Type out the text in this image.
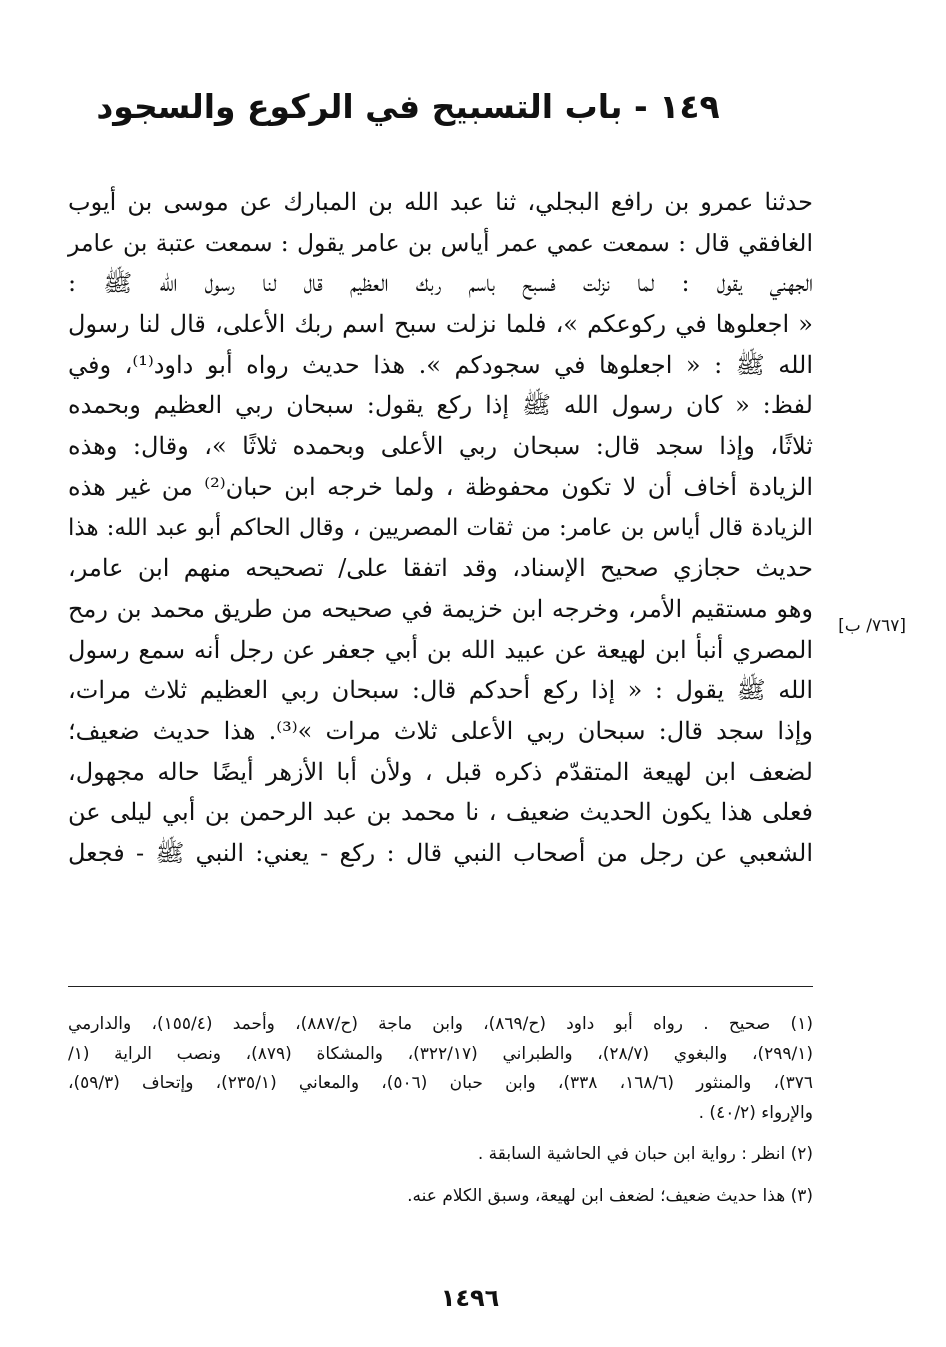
١٤٩ - باب التسبيح في الركوع والسجود
[٧٦٧/ ب]
حدثنا عمرو بن رافع البجلي، ثنا عبد الله بن المبارك عن موسى بن أيوب
الغافقي قال : سمعت عمي عمر أياس بن عامر يقول : سمعت عتبة بن عامر
الجهني يقول : لما نزلت فسبح باسم ربك العظيم قال لنا رسول الله ﷺ :
« اجعلوها في ركوعكم »، فلما نزلت سبح اسم ربك الأعلى، قال لنا رسول
الله ﷺ : « اجعلوها في سجودكم ». هذا حديث رواه أبو داود⁽¹⁾، وفي
لفظ: « كان رسول الله ﷺ إذا ركع يقول: سبحان ربي العظيم وبحمده
ثلاثًا، وإذا سجد قال: سبحان ربي الأعلى وبحمده ثلاثًا »، وقال: وهذه
الزيادة أخاف أن لا تكون محفوظة ، ولما خرجه ابن حبان⁽²⁾ من غير هذه
الزيادة قال أياس بن عامر: من ثقات المصريين ، وقال الحاكم أبو عبد الله: هذا
حديث حجازي صحيح الإسناد، وقد اتفقا على/ تصحيحه منهم ابن عامر،
وهو مستقيم الأمر، وخرجه ابن خزيمة في صحيحه من طريق محمد بن رمح
المصري أنبأ ابن لهيعة عن عبيد الله بن أبي جعفر عن رجل أنه سمع رسول
الله ﷺ يقول : « إذا ركع أحدكم قال: سبحان ربي العظيم ثلاث مرات،
وإذا سجد قال: سبحان ربي الأعلى ثلاث مرات »⁽³⁾. هذا حديث ضعيف؛
لضعف ابن لهيعة المتقدّم ذكره قبل ، ولأن أبا الأزهر أيضًا حاله مجهول،
فعلى هذا يكون الحديث ضعيف ، نا محمد بن عبد الرحمن بن أبي ليلى عن
الشعبي عن رجل من أصحاب النبي قال : ركع - يعني: النبي ﷺ - فجعل
(١) صحيح . رواه أبو داود (ح/٨٦٩)، وابن ماجة (ح/٨٨٧)، وأحمد (١٥٥/٤)، والدارمي
(٢٩٩/١)، والبغوي (٢٨/٧)، والطبراني (٣٢٢/١٧)، والمشكاة (٨٧٩)، ونصب الراية (١/
٣٧٦)، والمنثور (١٦٨/٦، ٣٣٨)، وابن حبان (٥٠٦)، والمعاني (٢٣٥/١)، وإتحاف (٥٩/٣)،
والإرواء (٤٠/٢) .
(٢) انظر : رواية ابن حبان في الحاشية السابقة .
(٣) هذا حديث ضعيف؛ لضعف ابن لهيعة، وسبق الكلام عنه.
١٤٩٦
